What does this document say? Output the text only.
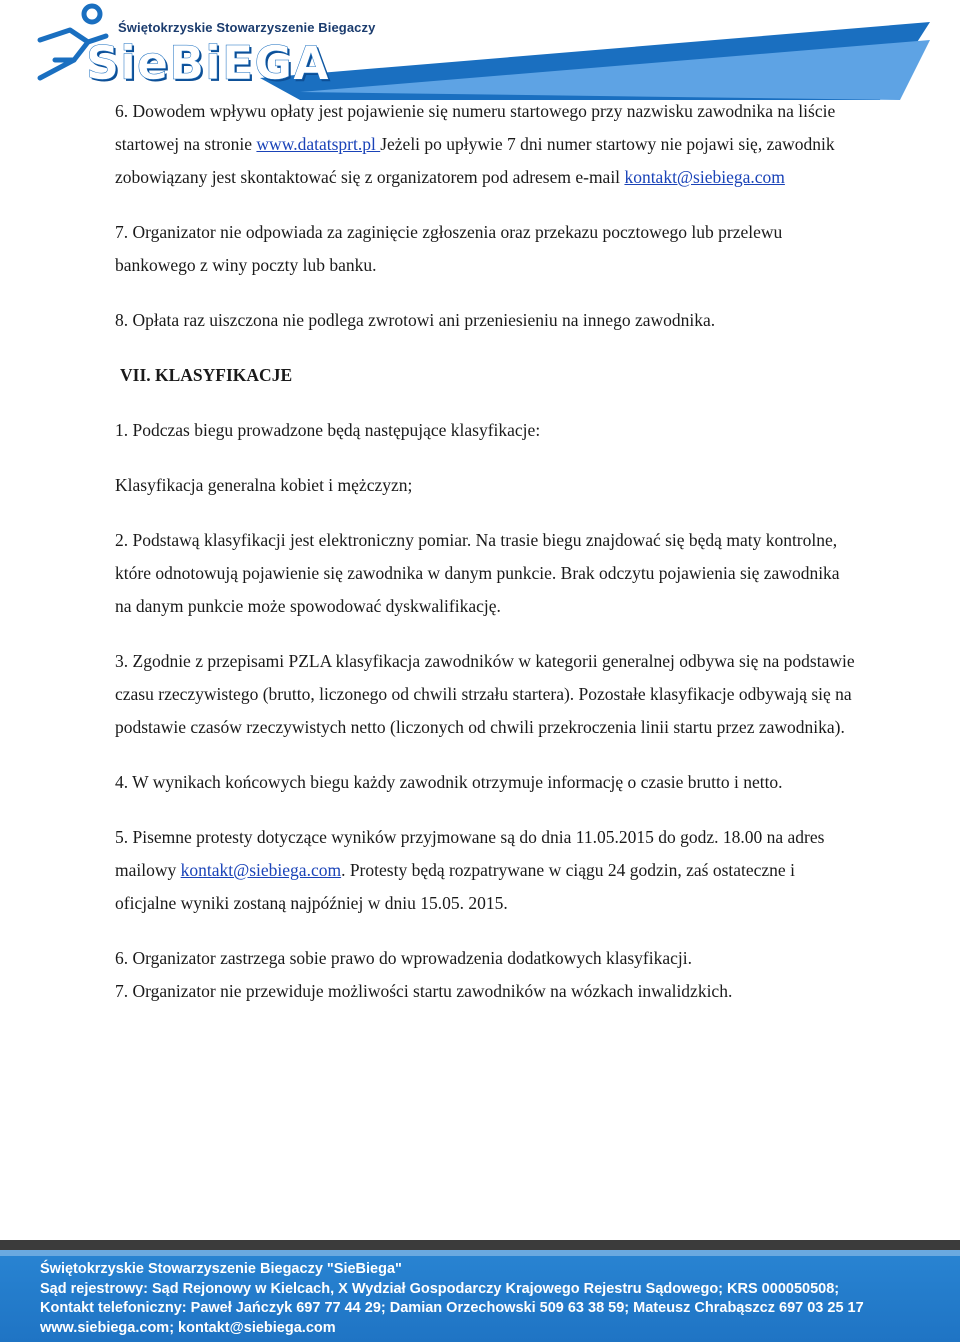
Świętokrzyskie Stowarzyszenie Biegaczy
SieBiEGA

6. Dowodem wpływu opłaty jest pojawienie się numeru startowego przy nazwisku zawodnika na liście startowej na stronie www.datatsprt.pl Jeżeli po upływie 7 dni numer startowy nie pojawi się, zawodnik zobowiązany jest skontaktować się z organizatorem pod adresem e-mail kontakt@siebiega.com

7. Organizator nie odpowiada za zaginięcie zgłoszenia oraz przekazu pocztowego lub przelewu bankowego z winy poczty lub banku.

8. Opłata raz uiszczona nie podlega zwrotowi ani przeniesieniu na innego zawodnika.

VII. KLASYFIKACJE

1. Podczas biegu prowadzone będą następujące klasyfikacje:

Klasyfikacja generalna kobiet i mężczyzn;

2. Podstawą klasyfikacji jest elektroniczny pomiar. Na trasie biegu znajdować się będą maty kontrolne, które odnotowują pojawienie się zawodnika w danym punkcie. Brak odczytu pojawienia się zawodnika na danym punkcie może spowodować dyskwalifikację.

3. Zgodnie z przepisami PZLA klasyfikacja zawodników w kategorii generalnej odbywa się na podstawie czasu rzeczywistego (brutto, liczonego od chwili strzału startera). Pozostałe klasyfikacje odbywają się na podstawie czasów rzeczywistych netto (liczonych od chwili przekroczenia linii startu przez zawodnika).

4. W wynikach końcowych biegu każdy zawodnik otrzymuje informację o czasie brutto i netto.

5. Pisemne protesty dotyczące wyników przyjmowane są do dnia 11.05.2015 do godz. 18.00 na adres mailowy kontakt@siebiega.com. Protesty będą rozpatrywane w ciągu 24 godzin, zaś ostateczne i oficjalne wyniki zostaną najpóźniej w dniu 15.05. 2015.

6. Organizator zastrzega sobie prawo do wprowadzenia dodatkowych klasyfikacji.

7. Organizator nie przewiduje możliwości startu zawodników na wózkach inwalidzkich.

Świętokrzyskie Stowarzyszenie Biegaczy "SieBiega"
Sąd rejestrowy: Sąd Rejonowy w Kielcach, X Wydział Gospodarczy Krajowego Rejestru Sądowego; KRS 000050508;
Kontakt telefoniczny: Paweł Jańczyk 697 77 44 29; Damian Orzechowski 509 63 38 59; Mateusz Chrabąszcz 697 03 25 17
www.siebiega.com; kontakt@siebiega.com
